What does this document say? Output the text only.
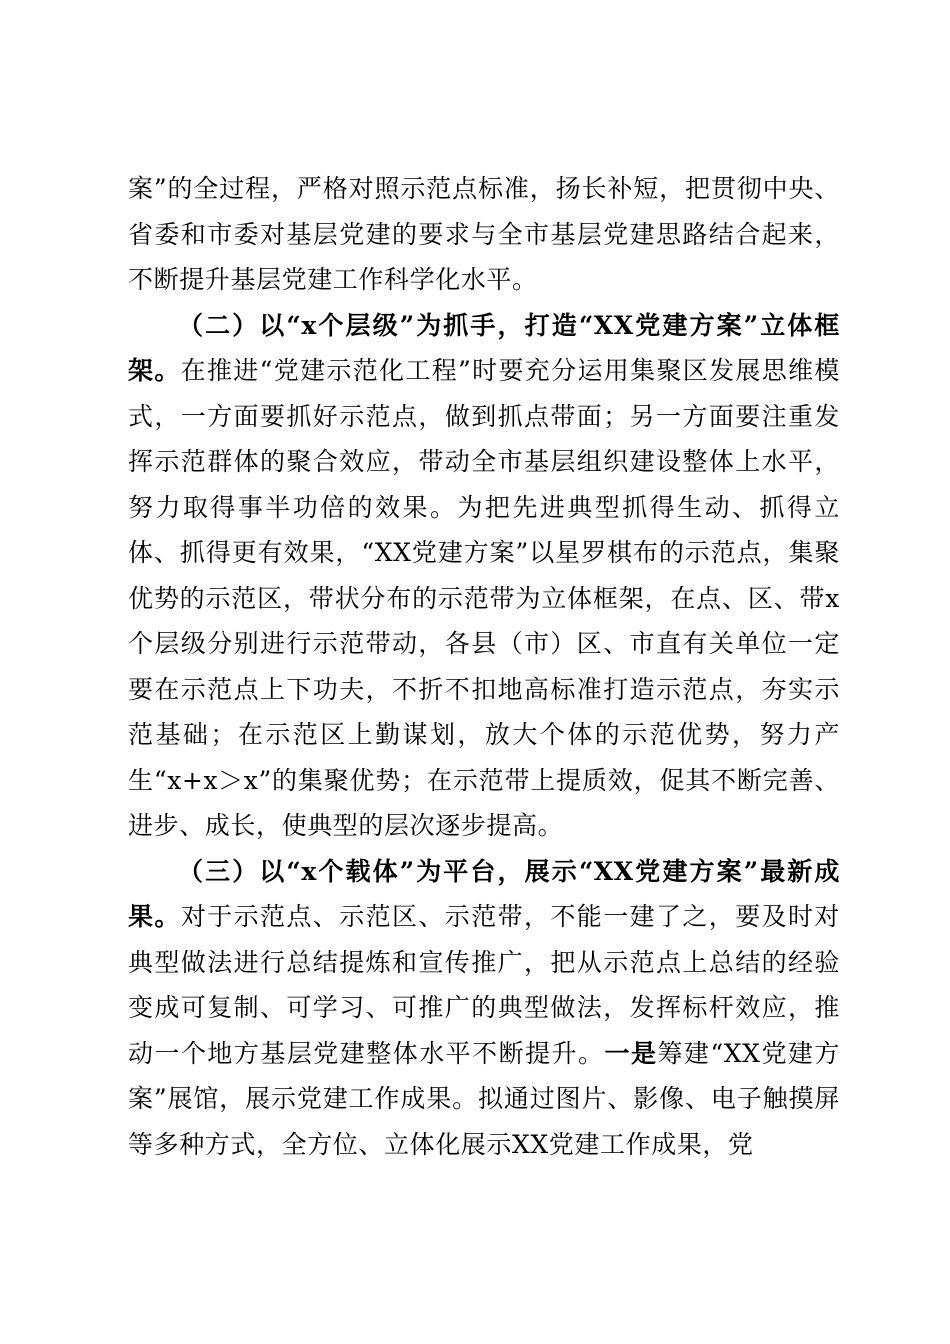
案”的全过程，严格对照示范点标准，扬长补短，把贯彻中央、省委和市委对基层党建的要求与全市基层党建思路结合起来，不断提升基层党建工作科学化水平。

（二）以“x个层级”为抓手，打造“XX党建方案”立体框架。在推进“党建示范化工程”时要充分运用集聚区发展思维模式，一方面要抓好示范点，做到抓点带面；另一方面要注重发挥示范群体的聚合效应，带动全市基层组织建设整体上水平，努力取得事半功倍的效果。为把先进典型抓得生动、抓得立体、抓得更有效果，“XX党建方案”以星罗棋布的示范点，集聚优势的示范区，带状分布的示范带为立体框架，在点、区、带x个层级分别进行示范带动，各县（市）区、市直有关单位一定要在示范点上下功夫，不折不扣地高标准打造示范点，夯实示范基础；在示范区上勤谋划，放大个体的示范优势，努力产生“x+x＞x”的集聚优势；在示范带上提质效，促其不断完善、进步、成长，使典型的层次逐步提高。

（三）以“x个载体”为平台，展示“XX党建方案”最新成果。对于示范点、示范区、示范带，不能一建了之，要及时对典型做法进行总结提炼和宣传推广，把从示范点上总结的经验变成可复制、可学习、可推广的典型做法，发挥标杆效应，推动一个地方基层党建整体水平不断提升。一是筹建“XX党建方案”展馆，展示党建工作成果。拟通过图片、影像、电子触摸屏等多种方式，全方位、立体化展示XX党建工作成果，党
